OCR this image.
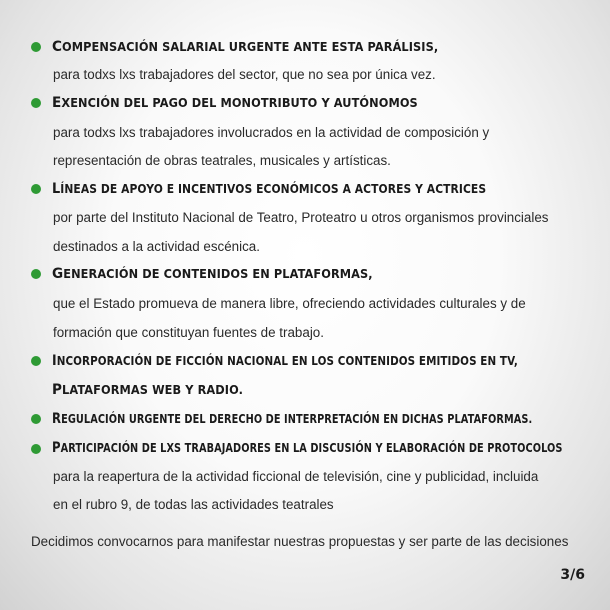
COMPENSACIÓN SALARIAL URGENTE ANTE ESTA PARÁLISIS,
para todxs lxs trabajadores del sector, que no sea por única vez.
EXENCIÓN DEL PAGO DEL MONOTRIBUTO Y AUTÓNOMOS
para todxs lxs trabajadores involucrados en la actividad de composición y
representación de obras teatrales, musicales y artísticas.
LÍNEAS DE APOYO E INCENTIVOS ECONÓMICOS A ACTORES Y ACTRICES
por parte del Instituto Nacional de Teatro, Proteatro u otros organismos provinciales
destinados a la actividad escénica.
GENERACIÓN DE CONTENIDOS EN PLATAFORMAS,
que el Estado promueva de manera libre, ofreciendo actividades culturales y de
formación que constituyan fuentes de trabajo.
INCORPORACIÓN DE FICCIÓN NACIONAL EN LOS CONTENIDOS EMITIDOS EN TV,
PLATAFORMAS WEB Y RADIO.
REGULACIÓN URGENTE DEL DERECHO DE INTERPRETACIÓN EN DICHAS PLATAFORMAS.
PARTICIPACIÓN DE LXS TRABAJADORES EN LA DISCUSIÓN Y ELABORACIÓN DE PROTOCOLOS
para la reapertura de la actividad ficcional de televisión, cine y publicidad, incluida
en el rubro 9, de todas las actividades teatrales
Decidimos convocarnos para manifestar nuestras propuestas y ser parte de las decisiones
3/6
